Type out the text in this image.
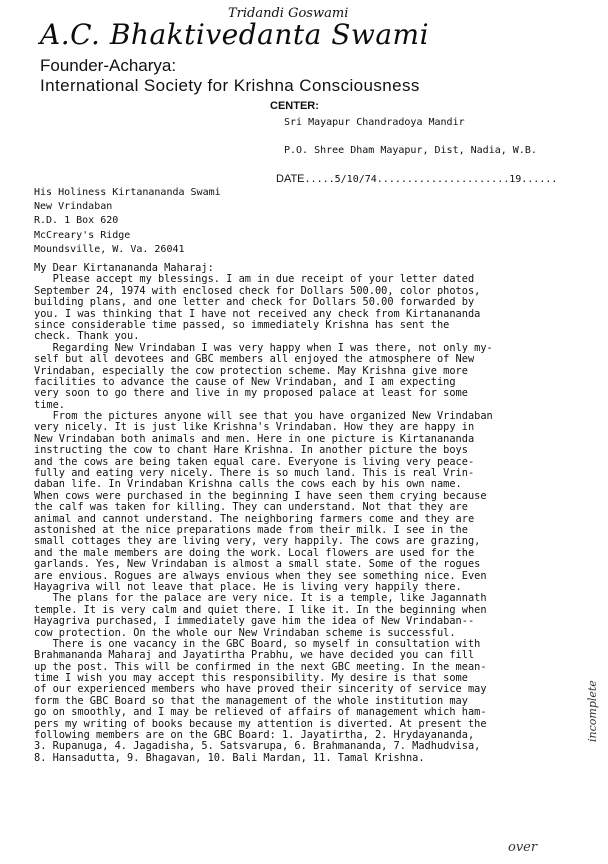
Tridandi Goswami
A.C. Bhaktivedanta Swami
Founder-Acharya:
International Society for Krishna Consciousness
CENTER:
Sri Mayapur Chandradoya Mandir
P.O. Shree Dham Mayapur, Dist, Nadia, W.B.
DATE.....5/10/74......................19......
His Holiness Kirtanananda Swami
New Vrindaban
R.D. 1 Box 620
McCreary's Ridge
Moundsville, W. Va. 26041
My Dear Kirtanananda Maharaj:
Please accept my blessings. I am in due receipt of your letter dated
September 24, 1974 with enclosed check for Dollars 500.00, color photos,
building plans, and one letter and check for Dollars 50.00 forwarded by
you. I was thinking that I have not received any check from Kirtanananda
since considerable time passed, so immediately Krishna has sent the
check. Thank you.
Regarding New Vrindaban I was very happy when I was there, not only my-
self but all devotees and GBC members all enjoyed the atmosphere of New
Vrindaban, especially the cow protection scheme. May Krishna give more
facilities to advance the cause of New Vrindaban, and I am expecting
very soon to go there and live in my proposed palace at least for some
time.
From the pictures anyone will see that you have organized New Vrindaban
very nicely. It is just like Krishna's Vrindaban. How they are happy in
New Vrindaban both animals and men. Here in one picture is Kirtanananda
instructing the cow to chant Hare Krishna. In another picture the boys
and the cows are being taken equal care. Everyone is living very peace-
fully and eating very nicely. There is so much land. This is real Vrin-
daban life. In Vrindaban Krishna calls the cows each by his own name.
When cows were purchased in the beginning I have seen them crying because
the calf was taken for killing. They can understand. Not that they are
animal and cannot understand. The neighboring farmers come and they are
astonished at the nice preparations made from their milk. I see in the
small cottages they are living very, very happily. The cows are grazing,
and the male members are doing the work. Local flowers are used for the
garlands. Yes, New Vrindaban is almost a small state. Some of the rogues
are envious. Rogues are always envious when they see something nice. Even
Hayagriva will not leave that place. He is living very happily there.
The plans for the palace are very nice. It is a temple, like Jagannath
temple. It is very calm and quiet there. I like it. In the beginning when
Hayagriva purchased, I immediately gave him the idea of New Vrindaban--
cow protection. On the whole our New Vrindaban scheme is successful.
There is one vacancy in the GBC Board, so myself in consultation with
Brahmananda Maharaj and Jayatirtha Prabhu, we have decided you can fill
up the post. This will be confirmed in the next GBC meeting. In the mean-
time I wish you may accept this responsibility. My desire is that some
of our experienced members who have proved their sincerity of service may
form the GBC Board so that the management of the whole institution may
go on smoothly, and I may be relieved of affairs of management which ham-
pers my writing of books because my attention is diverted. At present the
following members are on the GBC Board: 1. Jayatirtha, 2. Hrydayananda,
3. Rupanuga, 4. Jagadisha, 5. Satsvarupa, 6. Brahmananda, 7. Madhudvisa,
8. Hansadutta, 9. Bhagavan, 10. Bali Mardan, 11. Tamal Krishna.
incomplete
over
